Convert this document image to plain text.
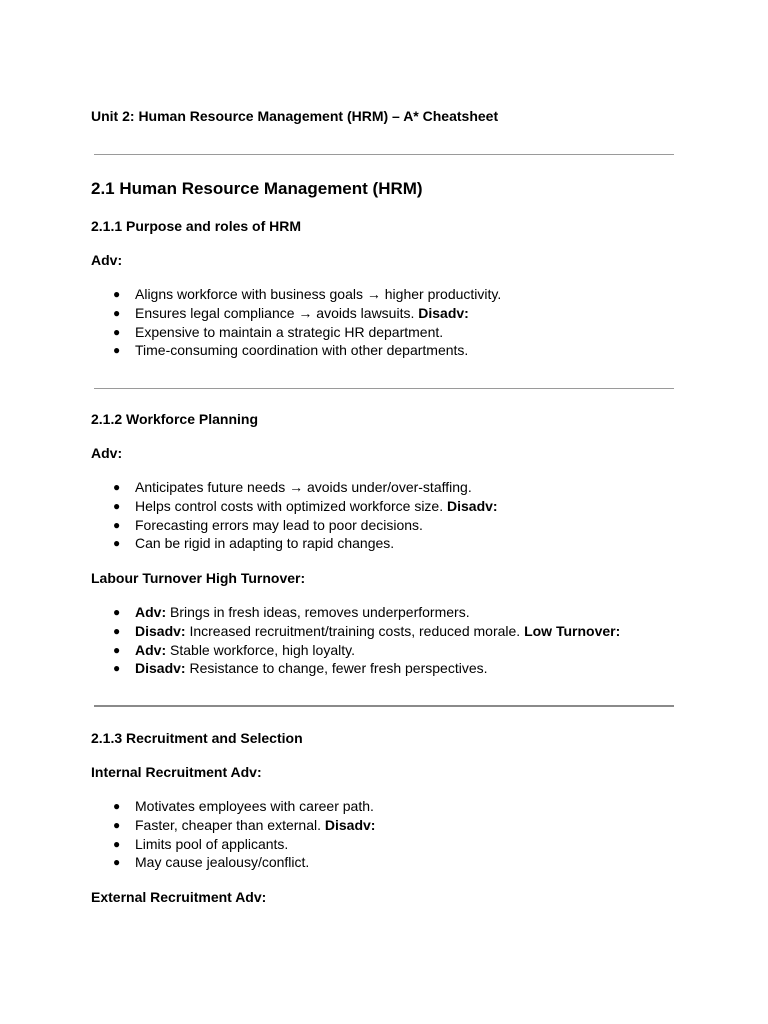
Unit 2: Human Resource Management (HRM) – A* Cheatsheet
2.1 Human Resource Management (HRM)
2.1.1 Purpose and roles of HRM
Adv:
● Aligns workforce with business goals → higher productivity.
● Ensures legal compliance → avoids lawsuits. Disadv:
● Expensive to maintain a strategic HR department.
● Time-consuming coordination with other departments.
2.1.2 Workforce Planning
Adv:
● Anticipates future needs → avoids under/over-staffing.
● Helps control costs with optimized workforce size. Disadv:
● Forecasting errors may lead to poor decisions.
● Can be rigid in adapting to rapid changes.
Labour Turnover High Turnover:
● Adv: Brings in fresh ideas, removes underperformers.
● Disadv: Increased recruitment/training costs, reduced morale. Low Turnover:
● Adv: Stable workforce, high loyalty.
● Disadv: Resistance to change, fewer fresh perspectives.
2.1.3 Recruitment and Selection
Internal Recruitment Adv:
● Motivates employees with career path.
● Faster, cheaper than external. Disadv:
● Limits pool of applicants.
● May cause jealousy/conflict.
External Recruitment Adv:
